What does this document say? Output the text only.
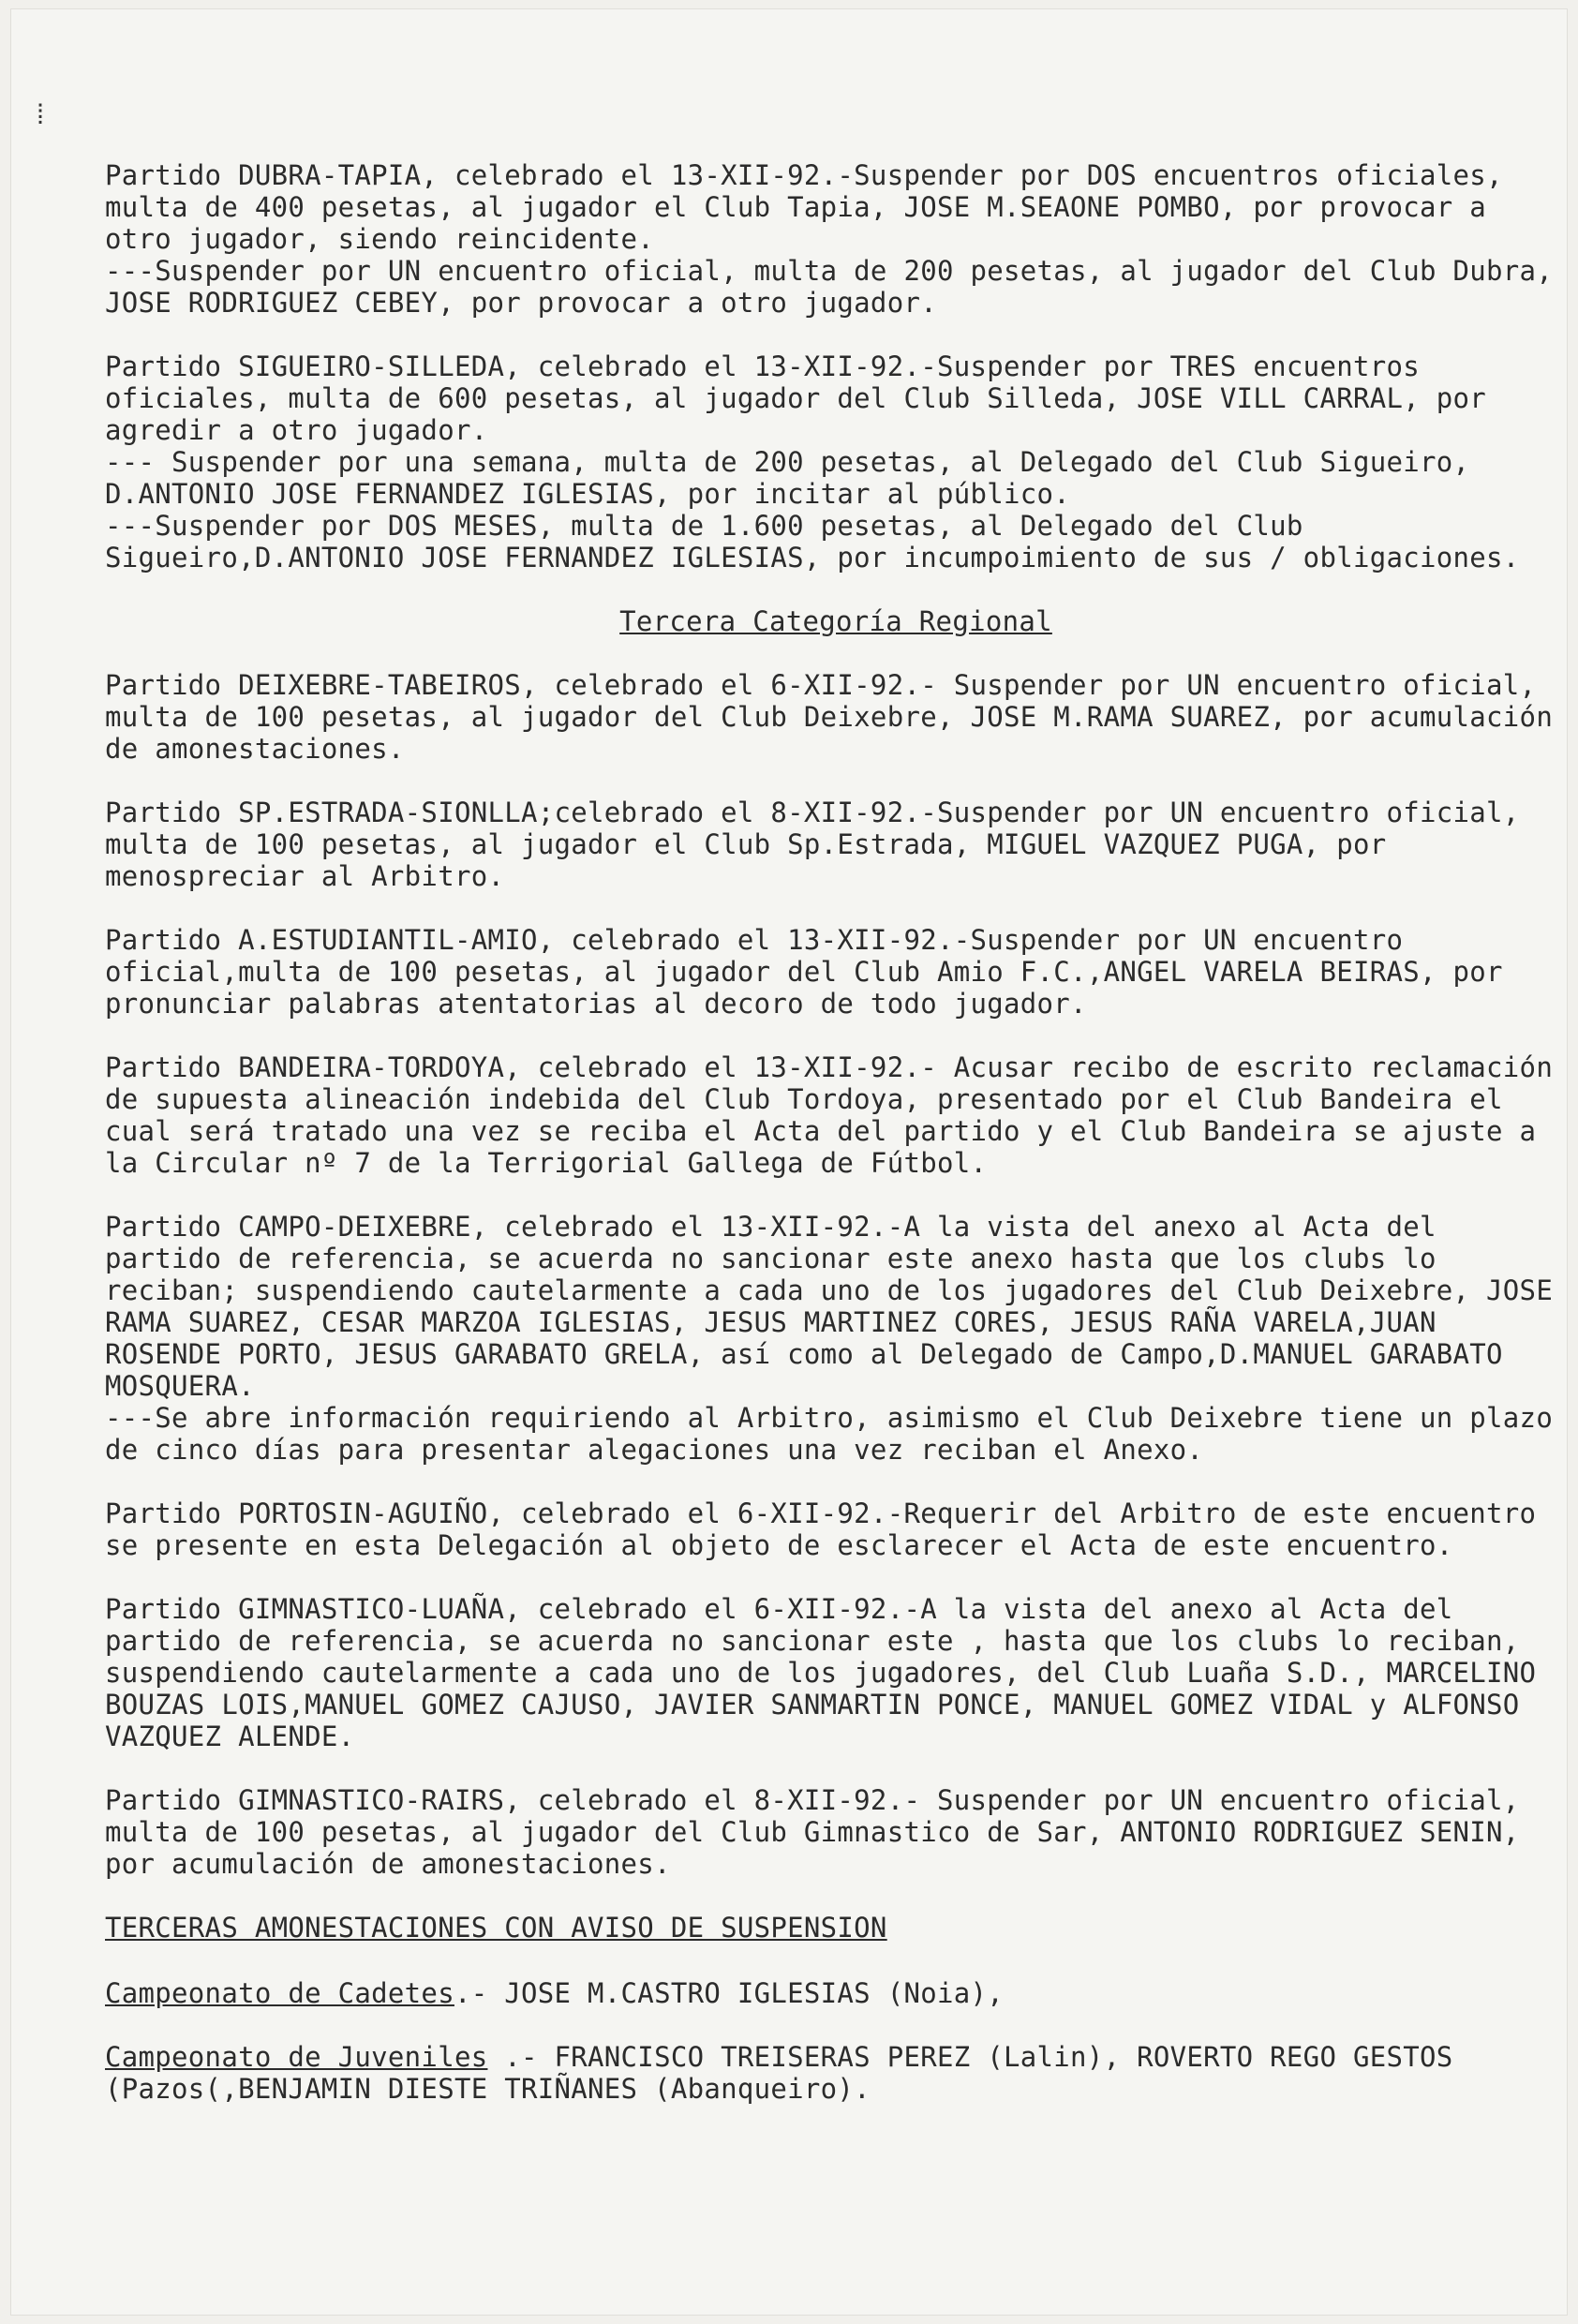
⁞

Partido DUBRA-TAPIA, celebrado el 13-XII-92.-Suspender por DOS encuentros oficiales, multa de 400 pesetas, al jugador el Club Tapia, JOSE M.SEAONE POMBO, por provocar a otro jugador, siendo reincidente.
---Suspender por UN encuentro oficial, multa de 200 pesetas, al jugador del Club Dubra, JOSE RODRIGUEZ CEBEY, por provocar a otro jugador.

Partido SIGUEIRO-SILLEDA, celebrado el 13-XII-92.-Suspender por TRES encuentros oficiales, multa de 600 pesetas, al jugador del Club Silleda, JOSE VILL CARRAL, por agredir a otro jugador.
--- Suspender por una semana, multa de 200 pesetas, al Delegado del Club Sigueiro, D.ANTONIO JOSE FERNANDEZ IGLESIAS, por incitar al público.
---Suspender por DOS MESES, multa de 1.600 pesetas, al Delegado del Club Sigueiro,D.ANTONIO JOSE FERNANDEZ IGLESIAS, por incumpoimiento de sus / obligaciones.

Tercera Categoría Regional

Partido DEIXEBRE-TABEIROS, celebrado el 6-XII-92.- Suspender por UN encuentro oficial, multa de 100 pesetas, al jugador del Club Deixebre, JOSE M.RAMA SUAREZ, por acumulación de amonestaciones.

Partido SP.ESTRADA-SIONLLA;celebrado el 8-XII-92.-Suspender por UN encuentro oficial, multa de 100 pesetas, al jugador el Club Sp.Estrada, MIGUEL VAZQUEZ PUGA, por menospreciar al Arbitro.

Partido A.ESTUDIANTIL-AMIO, celebrado el 13-XII-92.-Suspender por UN encuentro oficial,multa de 100 pesetas, al jugador del Club Amio F.C.,ANGEL VARELA BEIRAS, por pronunciar palabras atentatorias al decoro de todo jugador.

Partido BANDEIRA-TORDOYA, celebrado el 13-XII-92.- Acusar recibo de escrito reclamación de supuesta alineación indebida del Club Tordoya, presentado por el Club Bandeira el cual será tratado una vez se reciba el Acta del partido y el Club Bandeira se ajuste a la Circular nº 7 de la Terrigorial Gallega de Fútbol.

Partido CAMPO-DEIXEBRE, celebrado el 13-XII-92.-A la vista del anexo al Acta del partido de referencia, se acuerda no sancionar este anexo hasta que los clubs lo reciban; suspendiendo cautelarmente a cada uno de los jugadores del Club Deixebre, JOSE RAMA SUAREZ, CESAR MARZOA IGLESIAS, JESUS MARTINEZ CORES, JESUS RAÑA VARELA,JUAN ROSENDE PORTO, JESUS GARABATO GRELA, así como al Delegado de Campo,D.MANUEL GARABATO MOSQUERA.
---Se abre información requiriendo al Arbitro, asimismo el Club Deixebre tiene un plazo de cinco días para presentar alegaciones una vez reciban el Anexo.

Partido PORTOSIN-AGUIÑO, celebrado el 6-XII-92.-Requerir del Arbitro de este encuentro se presente en esta Delegación al objeto de esclarecer el Acta de este encuentro.

Partido GIMNASTICO-LUAÑA, celebrado el 6-XII-92.-A la vista del anexo al Acta del partido de referencia, se acuerda no sancionar este , hasta que los clubs lo reciban, suspendiendo cautelarmente a cada uno de los jugadores, del Club Luaña S.D., MARCELINO BOUZAS LOIS,MANUEL GOMEZ CAJUSO, JAVIER SANMARTIN PONCE, MANUEL GOMEZ VIDAL y ALFONSO VAZQUEZ ALENDE.

Partido GIMNASTICO-RAIRS, celebrado el 8-XII-92.- Suspender por UN encuentro oficial, multa de 100 pesetas, al jugador del Club Gimnastico de Sar, ANTONIO RODRIGUEZ SENIN, por acumulación de amonestaciones.

TERCERAS AMONESTACIONES CON AVISO DE SUSPENSION

Campeonato de Cadetes.- JOSE M.CASTRO IGLESIAS (Noia),

Campeonato de Juveniles .- FRANCISCO TREISERAS PEREZ (Lalin), ROVERTO REGO GESTOS (Pazos(,BENJAMIN DIESTE TRIÑANES (Abanqueiro).
